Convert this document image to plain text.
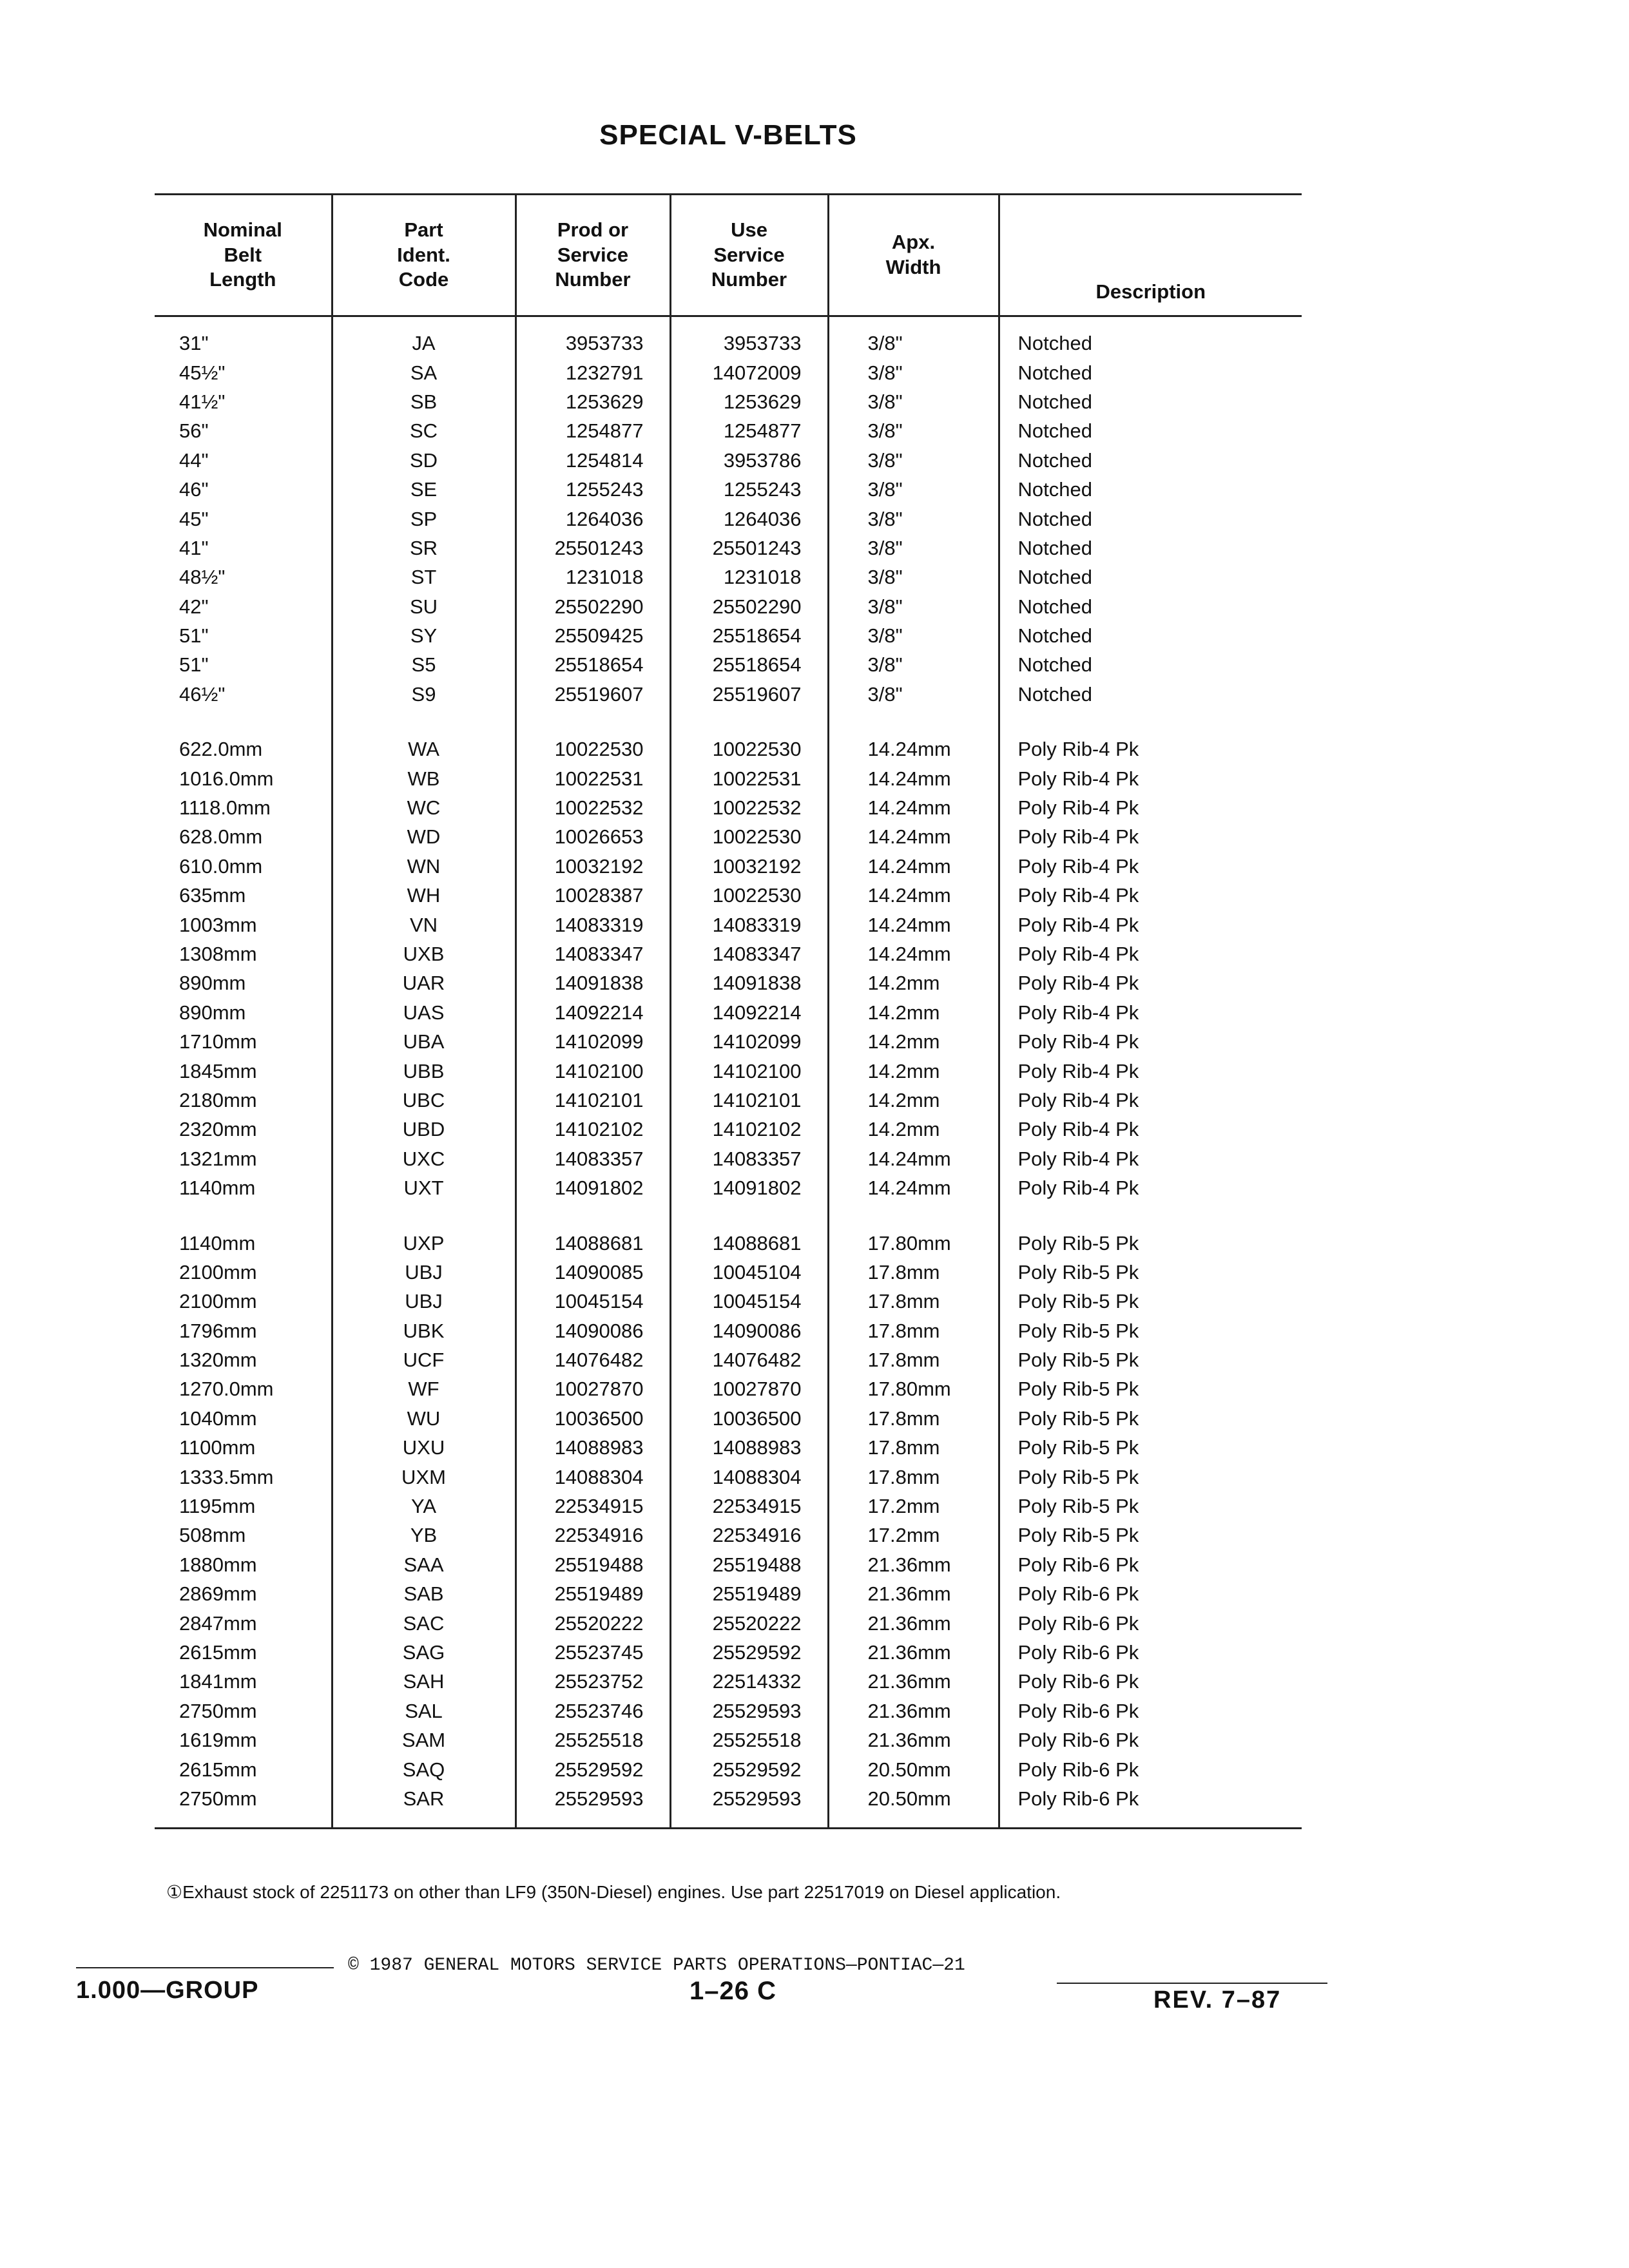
SPECIAL V-BELTS
Nominal
Belt
Length	Part
Ident.
Code	Prod or
Service
Number	Use
Service
Number	Apx.
Width	Description
31"	JA	3953733	3953733	3/8"	Notched
45½"	SA	1232791	14072009	3/8"	Notched
41½"	SB	1253629	1253629	3/8"	Notched
56"	SC	1254877	1254877	3/8"	Notched
44"	SD	1254814	3953786	3/8"	Notched
46"	SE	1255243	1255243	3/8"	Notched
45"	SP	1264036	1264036	3/8"	Notched
41"	SR	25501243	25501243	3/8"	Notched
48½"	ST	1231018	1231018	3/8"	Notched
42"	SU	25502290	25502290	3/8"	Notched
51"	SY	25509425	25518654	3/8"	Notched
51"	S5	25518654	25518654	3/8"	Notched
46½"	S9	25519607	25519607	3/8"	Notched
622.0mm	WA	10022530	10022530	14.24mm	Poly Rib-4 Pk
1016.0mm	WB	10022531	10022531	14.24mm	Poly Rib-4 Pk
1118.0mm	WC	10022532	10022532	14.24mm	Poly Rib-4 Pk
628.0mm	WD	10026653	10022530	14.24mm	Poly Rib-4 Pk
610.0mm	WN	10032192	10032192	14.24mm	Poly Rib-4 Pk
635mm	WH	10028387	10022530	14.24mm	Poly Rib-4 Pk
1003mm	VN	14083319	14083319	14.24mm	Poly Rib-4 Pk
1308mm	UXB	14083347	14083347	14.24mm	Poly Rib-4 Pk
890mm	UAR	14091838	14091838	14.2mm	Poly Rib-4 Pk
890mm	UAS	14092214	14092214	14.2mm	Poly Rib-4 Pk
1710mm	UBA	14102099	14102099	14.2mm	Poly Rib-4 Pk
1845mm	UBB	14102100	14102100	14.2mm	Poly Rib-4 Pk
2180mm	UBC	14102101	14102101	14.2mm	Poly Rib-4 Pk
2320mm	UBD	14102102	14102102	14.2mm	Poly Rib-4 Pk
1321mm	UXC	14083357	14083357	14.24mm	Poly Rib-4 Pk
1140mm	UXT	14091802	14091802	14.24mm	Poly Rib-4 Pk
1140mm	UXP	14088681	14088681	17.80mm	Poly Rib-5 Pk
2100mm	UBJ	14090085	10045104	17.8mm	Poly Rib-5 Pk
2100mm	UBJ	10045154	10045154	17.8mm	Poly Rib-5 Pk
1796mm	UBK	14090086	14090086	17.8mm	Poly Rib-5 Pk
1320mm	UCF	14076482	14076482	17.8mm	Poly Rib-5 Pk
1270.0mm	WF	10027870	10027870	17.80mm	Poly Rib-5 Pk
1040mm	WU	10036500	10036500	17.8mm	Poly Rib-5 Pk
1100mm	UXU	14088983	14088983	17.8mm	Poly Rib-5 Pk
1333.5mm	UXM	14088304	14088304	17.8mm	Poly Rib-5 Pk
1195mm	YA	22534915	22534915	17.2mm	Poly Rib-5 Pk
508mm	YB	22534916	22534916	17.2mm	Poly Rib-5 Pk
1880mm	SAA	25519488	25519488	21.36mm	Poly Rib-6 Pk
2869mm	SAB	25519489	25519489	21.36mm	Poly Rib-6 Pk
2847mm	SAC	25520222	25520222	21.36mm	Poly Rib-6 Pk
2615mm	SAG	25523745	25529592	21.36mm	Poly Rib-6 Pk
1841mm	SAH	25523752	22514332	21.36mm	Poly Rib-6 Pk
2750mm	SAL	25523746	25529593	21.36mm	Poly Rib-6 Pk
1619mm	SAM	25525518	25525518	21.36mm	Poly Rib-6 Pk
2615mm	SAQ	25529592	25529592	20.50mm	Poly Rib-6 Pk
2750mm	SAR	25529593	25529593	20.50mm	Poly Rib-6 Pk
①Exhaust stock of 2251173 on other than LF9 (350N-Diesel) engines. Use part 22517019 on Diesel application.
© 1987 GENERAL MOTORS SERVICE PARTS OPERATIONS—PONTIAC—21
1.000—GROUP	1–26 C	REV. 7–87
